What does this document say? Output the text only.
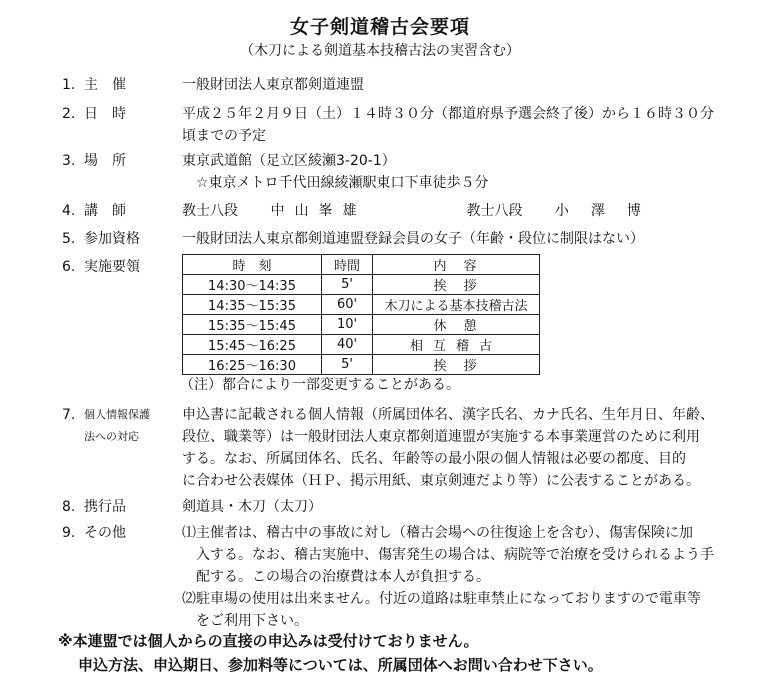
女子剣道稽古会要項
（木刀による剣道基本技稽古法の実習含む）
1. 主　催	一般財団法人東京都剣道連盟

2. 日　時	平成２５年２月９日（土）１４時３０分（都道府県予選会終了後）から１６時３０分

頃までの予定

3. 場　所	東京武道館（足立区綾瀬3-20-1）

☆東京メトロ千代田線綾瀬駅東口下車徒歩５分

4. 講　師	教士八段 中山峯雄	教士八段 小澤博
5. 参加資格	一般財団法人東京都剣道連盟登録会員の女子（年齢・段位に制限はない）

6. 実施要領	時　刻	時間	内　容
14:30～14:35	5'	挨　拶
14:35～15:35	60'	木刀による基本技稽古法
15:35～15:45	10'	休　憩
15:45～16:25	40'	相互稽古
16:25～16:30	5'	挨　拶
（注）都合により一部変更することがある。
7. 個人情報保護
法への対応

申込書に記載される個人情報（所属団体名、漢字氏名、カナ氏名、生年月日、年齢、

段位、職業等）は一般財団法人東京都剣道連盟が実施する本事業運営のために利用

する。なお、所属団体名、氏名、年齢等の最小限の個人情報は必要の都度、目的

に合わせ公表媒体（ＨＰ、掲示用紙、東京剣連だより等）に公表することがある。

8. 携行品	剣道具・木刀（太刀）

9. その他	⑴主催者は、稽古中の事故に対し（稽古会場への往復途上を含む）、傷害保険に加

入する。なお、稽古実施中、傷害発生の場合は、病院等で治療を受けられるよう手

配する。この場合の治療費は本人が負担する。

⑵駐車場の使用は出来ません。付近の道路は駐車禁止になっておりますので電車等

をご利用下さい。

※本連盟では個人からの直接の申込みは受付けておりません。
申込方法、申込期日、参加料等については、所属団体へお問い合わせ下さい。
